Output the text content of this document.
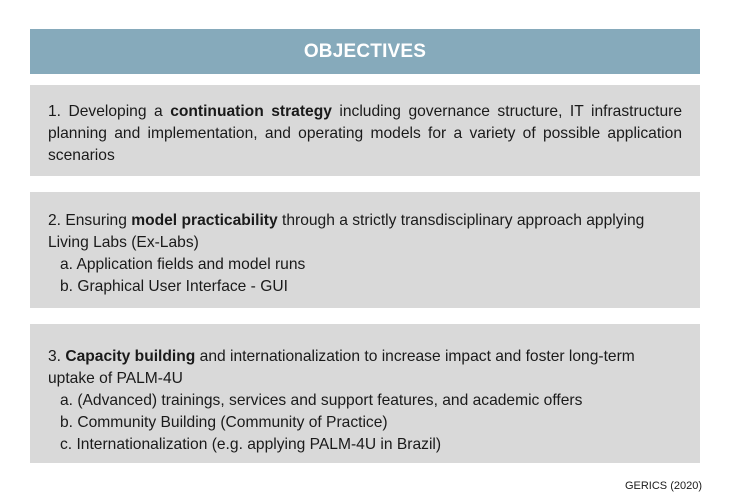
OBJECTIVES
1. Developing a continuation strategy including governance structure, IT infrastructure planning and implementation, and operating models for a variety of possible application scenarios
2. Ensuring model practicability through a strictly transdisciplinary approach applying Living Labs (Ex-Labs)
a. Application fields and model runs
b. Graphical User Interface - GUI
3. Capacity building and internationalization to increase impact and foster long-term uptake of PALM-4U
a. (Advanced) trainings, services and support features, and academic offers
b. Community Building (Community of Practice)
c. Internationalization (e.g. applying PALM-4U in Brazil)
GERICS (2020)
